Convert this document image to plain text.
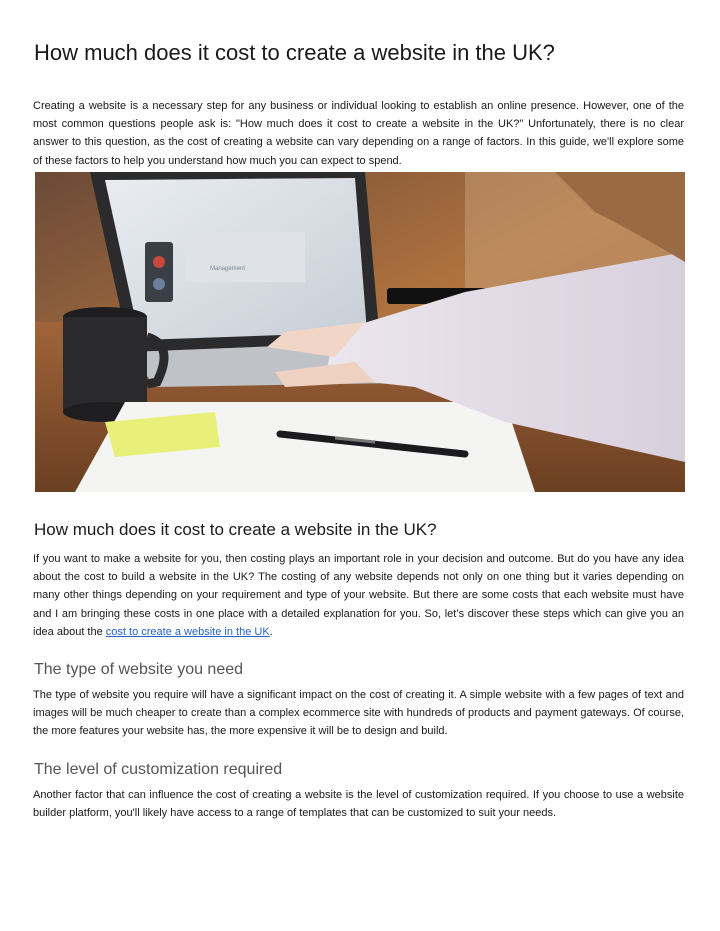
How much does it cost to create a website in the UK?

Creating a website is a necessary step for any business or individual looking to establish an online presence. However, one of the most common questions people ask is: "How much does it cost to create a website in the UK?" Unfortunately, there is no clear answer to this question, as the cost of creating a website can vary depending on a range of factors. In this guide, we'll explore some of these factors to help you understand how much you can expect to spend.

Management
How much does it cost to create a website in the UK?

If you want to make a website for you, then costing plays an important role in your decision and outcome. But do you have any idea about the cost to build a website in the UK? The costing of any website depends not only on one thing but it varies depending on many other things depending on your requirement and type of your website. But there are some costs that each website must have and I am bringing these costs in one place with a detailed explanation for you. So, let’s discover these steps which can give you an idea about the cost to create a website in the UK.

The type of website you need

The type of website you require will have a significant impact on the cost of creating it. A simple website with a few pages of text and images will be much cheaper to create than a complex ecommerce site with hundreds of products and payment gateways. Of course, the more features your website has, the more expensive it will be to design and build.

The level of customization required

Another factor that can influence the cost of creating a website is the level of customization required. If you choose to use a website builder platform, you'll likely have access to a range of templates that can be customized to suit your needs.
